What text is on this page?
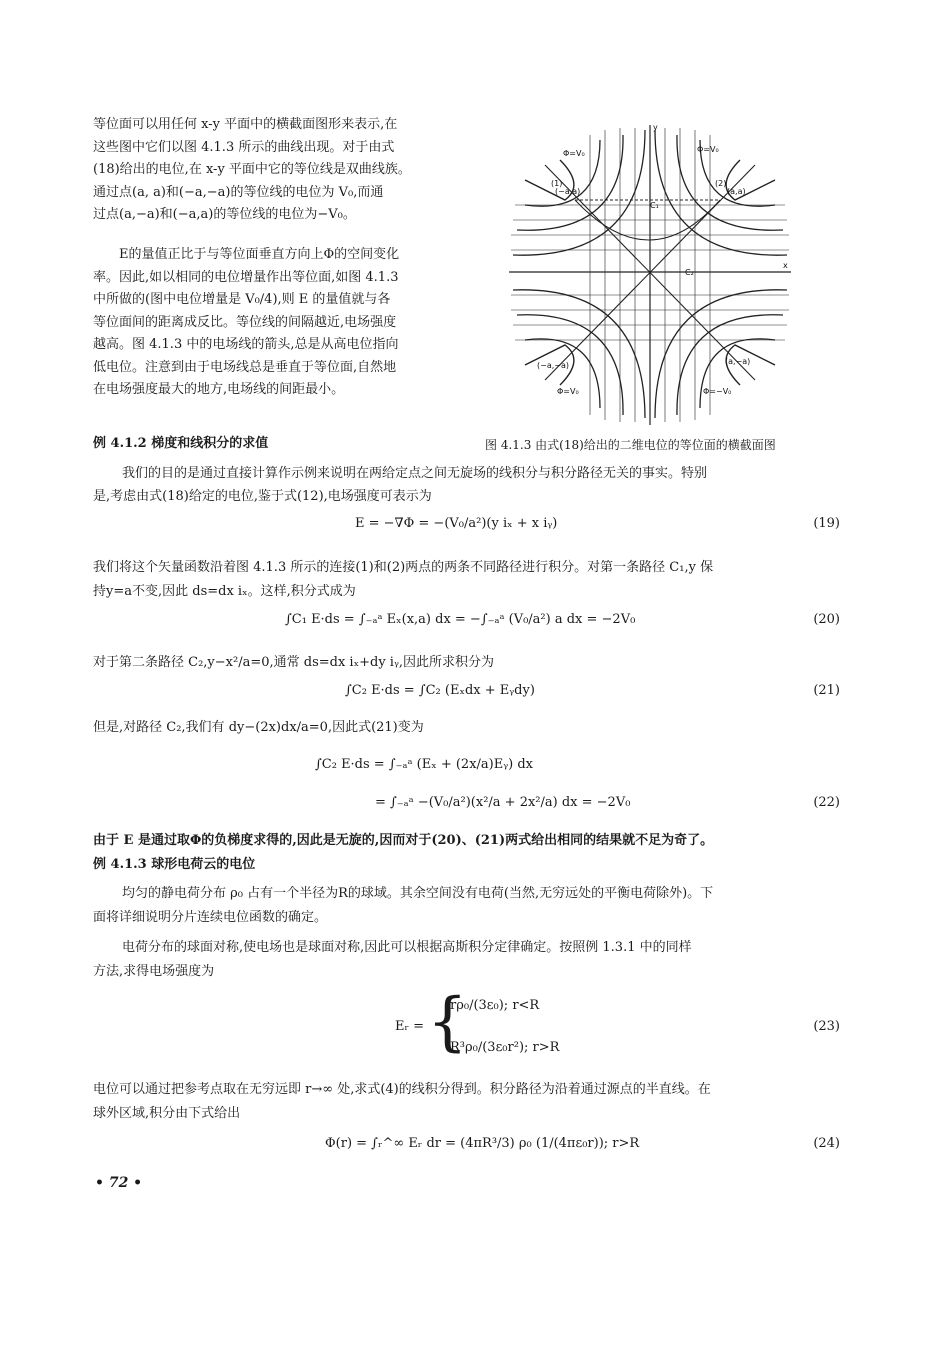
等位面可以用任何 x-y 平面中的横截面图形来表示,在
这些图中它们以图 4.1.3 所示的曲线出现。对于由式
(18)给出的电位,在 x-y 平面中它的等位线是双曲线族。
通过点(a, a)和(−a,−a)的等位线的电位为 V₀,而通
过点(a,−a)和(−a,a)的等位线的电位为−V₀。
E的量值正比于与等位面垂直方向上Φ的空间变化
率。因此,如以相同的电位增量作出等位面,如图 4.1.3
中所做的(图中电位增量是 V₀/4),则 E 的量值就与各
等位面间的距离成反比。等位线的间隔越近,电场强度
越高。图 4.1.3 中的电场线的箭头,总是从高电位指向
低电位。注意到由于电场线总是垂直于等位面,自然地
在电场强度最大的地方,电场线的间距最小。
Φ=V₀	Φ=V₀
Φ=V₀	Φ=−V₀
(−a,a)	(a,a)
(−a,−a)	(a,−a)
(1)	(2)
C₁
C₂
y
x
图 4.1.3 由式(18)给出的二维电位的等位面的横截面图
例 4.1.2 梯度和线积分的求值
我们的目的是通过直接计算作示例来说明在两给定点之间无旋场的线积分与积分路径无关的事实。特别
是,考虑由式(18)给定的电位,鉴于式(12),电场强度可表示为
E = −∇Φ = −(V₀/a²)(y iₓ + x iᵧ)	(19)
我们将这个矢量函数沿着图 4.1.3 所示的连接(1)和(2)两点的两条不同路径进行积分。对第一条路径 C₁,y 保
持y=a不变,因此 ds=dx iₓ。这样,积分式成为
∫C₁ E·ds = ∫₋ₐᵃ Eₓ(x,a) dx = −∫₋ₐᵃ (V₀/a²) a dx = −2V₀	(20)
对于第二条路径 C₂,y−x²/a=0,通常 ds=dx iₓ+dy iᵧ,因此所求积分为
∫C₂ E·ds = ∫C₂ (Eₓdx + Eᵧdy)	(21)
但是,对路径 C₂,我们有 dy−(2x)dx/a=0,因此式(21)变为
∫C₂ E·ds = ∫₋ₐᵃ (Eₓ + (2x/a)Eᵧ) dx
= ∫₋ₐᵃ −(V₀/a²)(x²/a + 2x²/a) dx = −2V₀	(22)
由于 E 是通过取Φ的负梯度求得的,因此是无旋的,因而对于(20)、(21)两式给出相同的结果就不足为奇了。
例 4.1.3 球形电荷云的电位
均匀的静电荷分布 ρ₀ 占有一个半径为R的球域。其余空间没有电荷(当然,无穷远处的平衡电荷除外)。下
面将详细说明分片连续电位函数的确定。
电荷分布的球面对称,使电场也是球面对称,因此可以根据高斯积分定律确定。按照例 1.3.1 中的同样
方法,求得电场强度为
Eᵣ = {
rρ₀/(3ε₀); r<R
R³ρ₀/(3ε₀r²); r>R
(23)
电位可以通过把参考点取在无穷远即 r→∞ 处,求式(4)的线积分得到。积分路径为沿着通过源点的半直线。在
球外区域,积分由下式给出
Φ(r) = ∫ᵣ^∞ Eᵣ dr = (4πR³/3) ρ₀ (1/(4πε₀r)); r>R	(24)
• 72 •
